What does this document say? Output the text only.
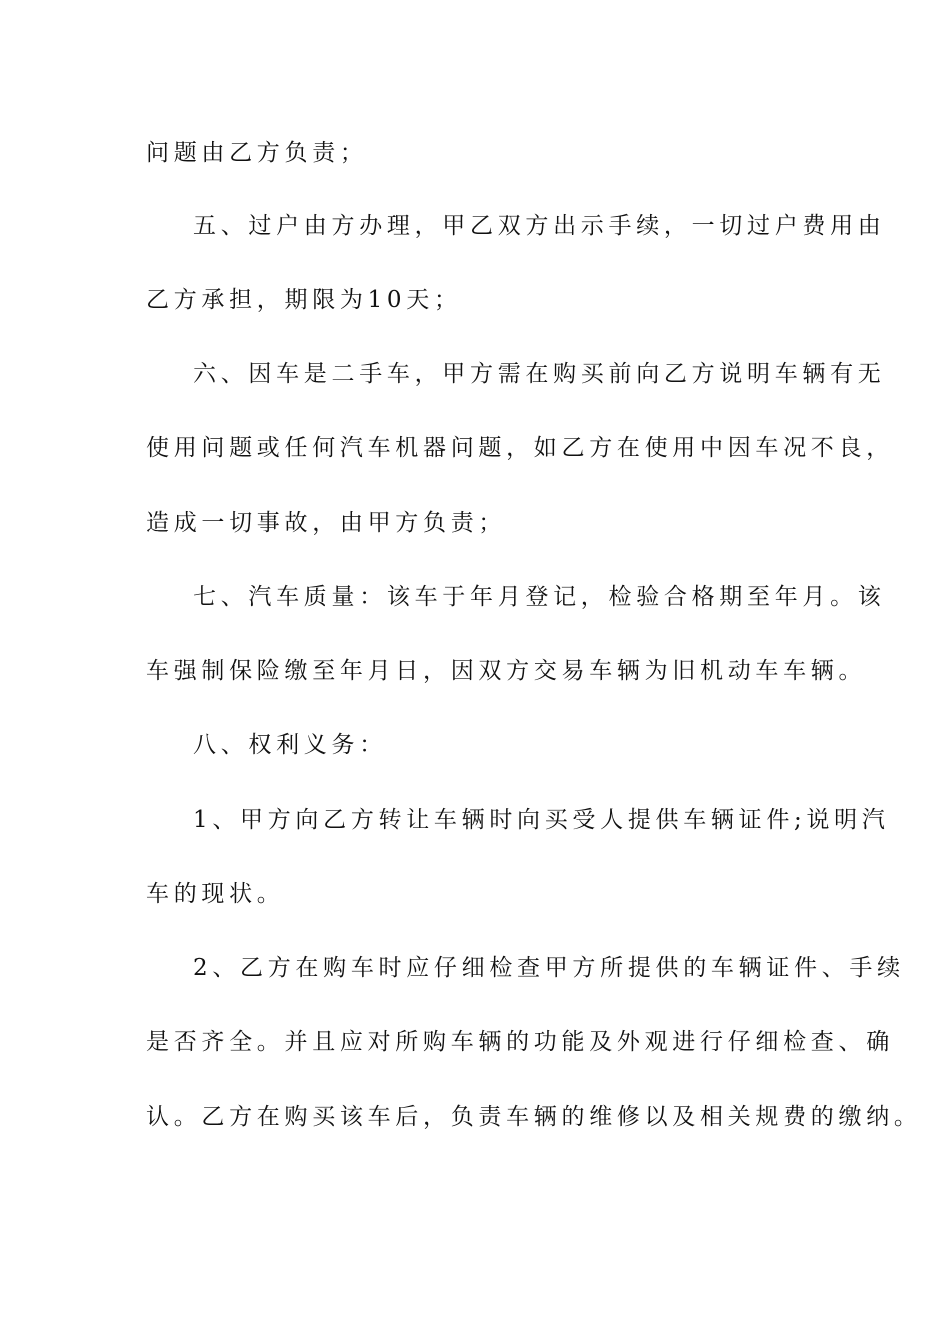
问题由乙方负责；
五、过户由方办理，甲乙双方出示手续，一切过户费用由
乙方承担，期限为10天；
六、因车是二手车，甲方需在购买前向乙方说明车辆有无
使用问题或任何汽车机器问题，如乙方在使用中因车况不良，
造成一切事故，由甲方负责；
七、汽车质量：该车于年月登记，检验合格期至年月。该
车强制保险缴至年月日，因双方交易车辆为旧机动车车辆。
八、权利义务：
1、甲方向乙方转让车辆时向买受人提供车辆证件;说明汽
车的现状。
2、乙方在购车时应仔细检查甲方所提供的车辆证件、手续
是否齐全。并且应对所购车辆的功能及外观进行仔细检查、确
认。乙方在购买该车后，负责车辆的维修以及相关规费的缴纳。
